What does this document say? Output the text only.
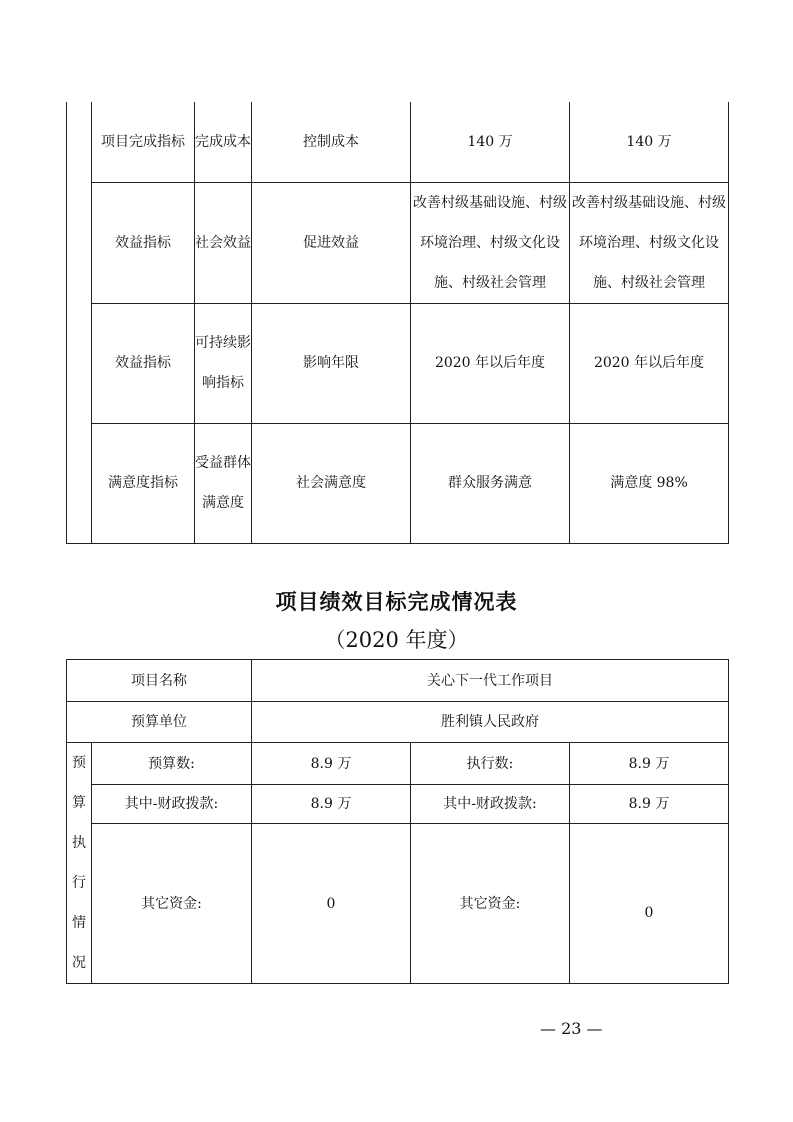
	项目完成指标	完成成本	控制成本	140 万	140 万
	效益指标	社会效益	促进效益	改善村级基础设施、村级环境治理、村级文化设施、村级社会管理	改善村级基础设施、村级环境治理、村级文化设施、村级社会管理
	效益指标	可持续影响指标	影响年限	2020 年以后年度	2020 年以后年度
	满意度指标	受益群体满意度	社会满意度	群众服务满意	满意度 98%
项目绩效目标完成情况表
（2020 年度）
项目名称		关心下一代工作项目		
预算单位		胜利镇人民政府		
预算执行情况	预算数:	8.9 万	执行数:	8.9 万
	其中-财政拨款:	8.9 万	其中-财政拨款:	8.9 万
	其它资金:	0	其它资金:	0
— 23 —
